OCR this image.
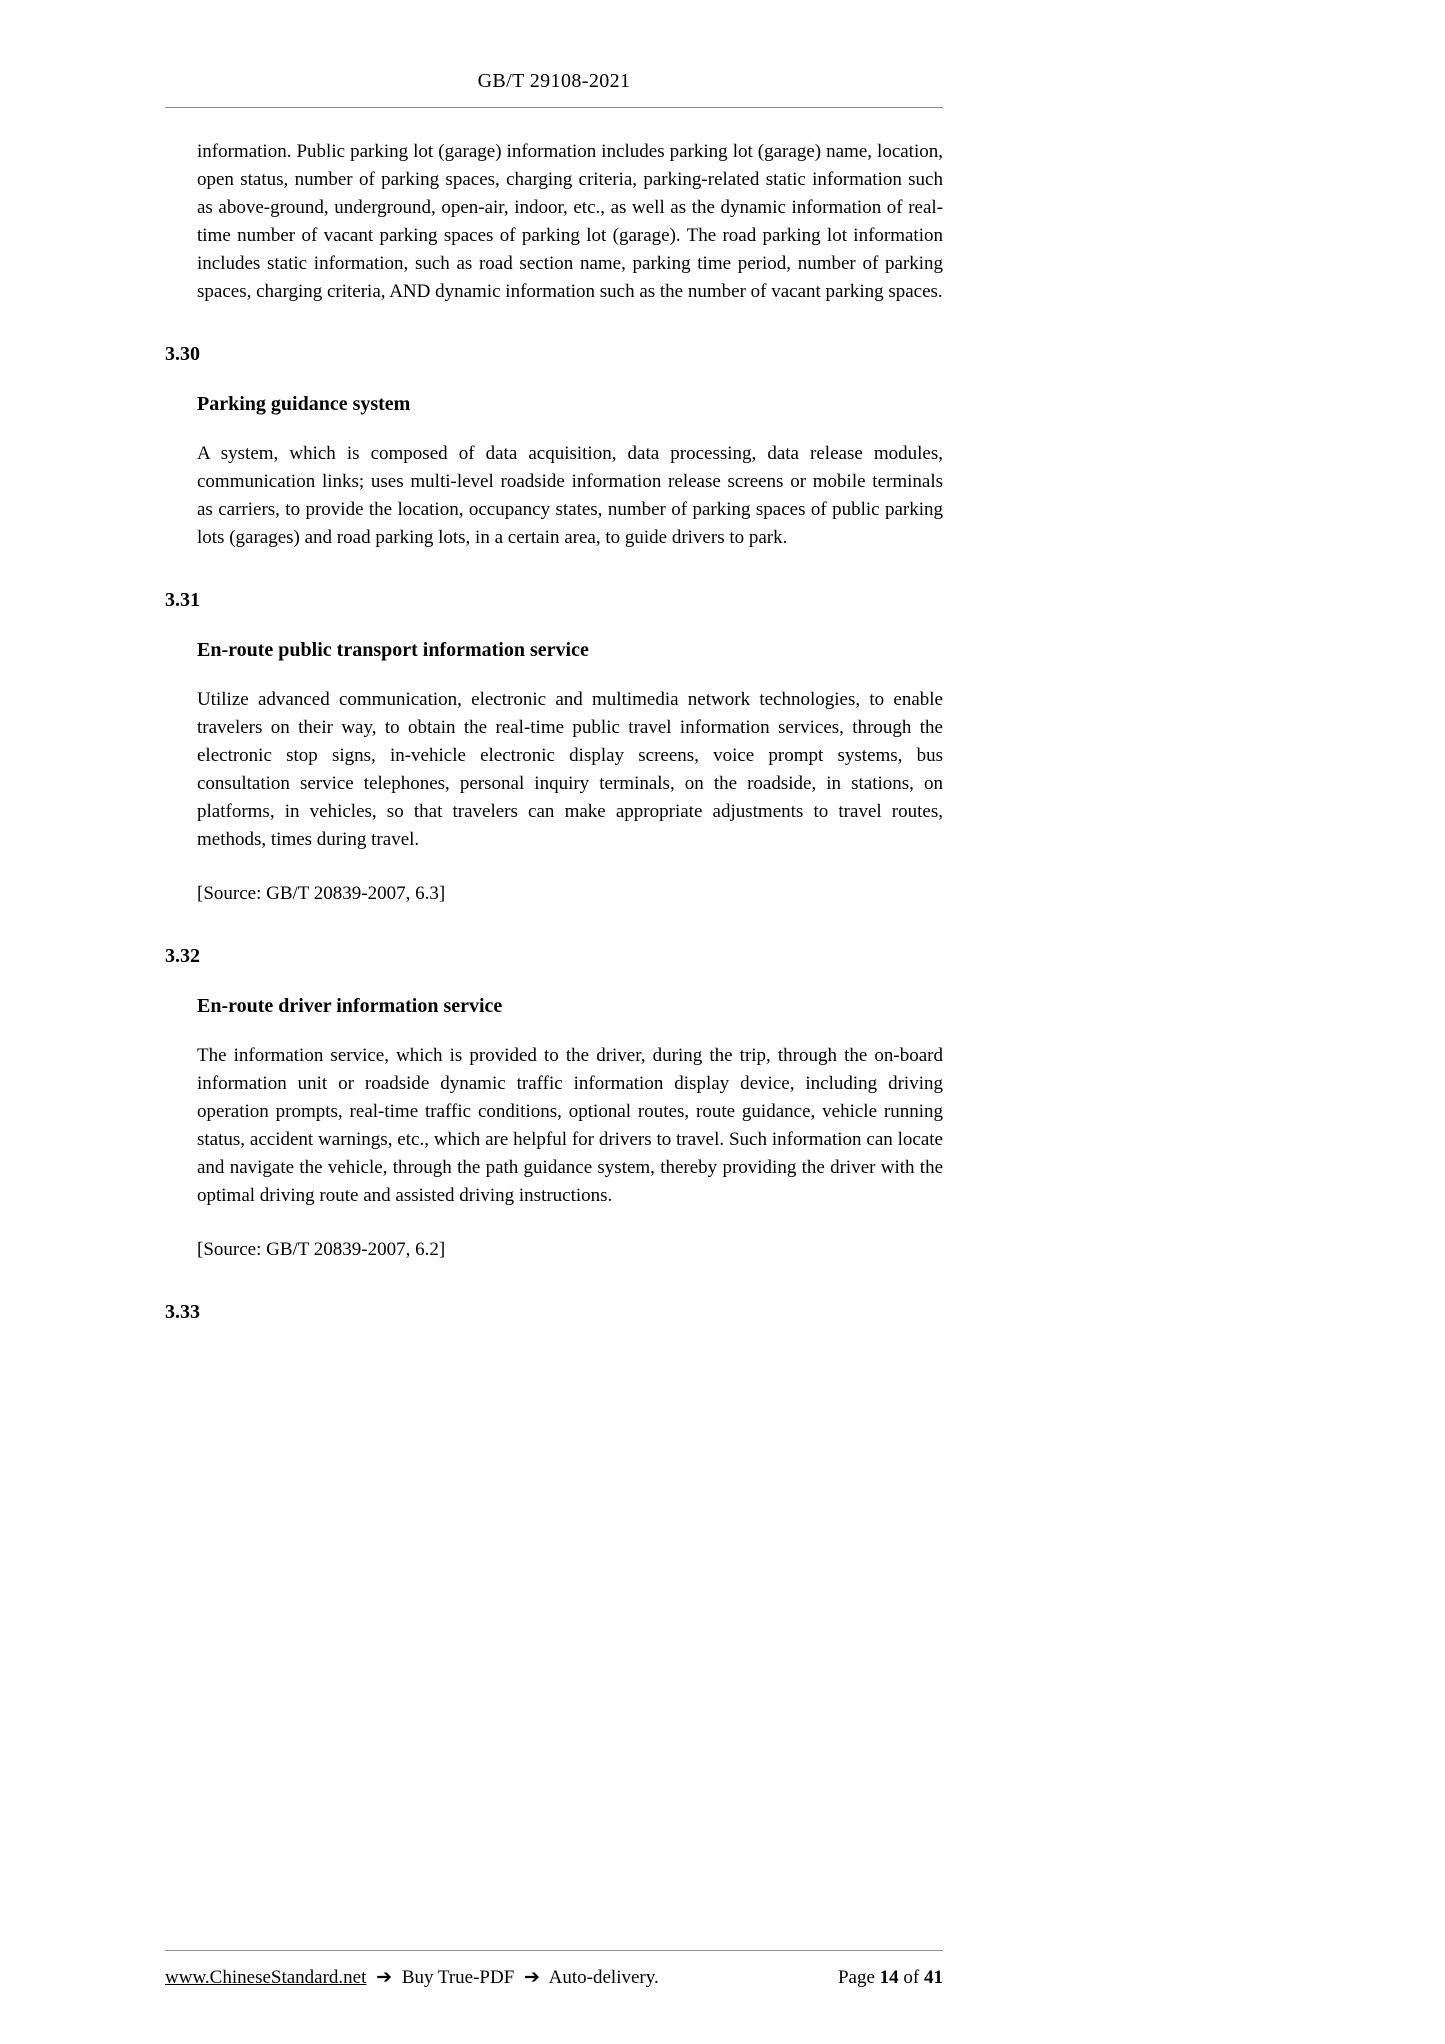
GB/T 29108-2021

information. Public parking lot (garage) information includes parking lot (garage) name, location, open status, number of parking spaces, charging criteria, parking-related static information such as above-ground, underground, open-air, indoor, etc., as well as the dynamic information of real-time number of vacant parking spaces of parking lot (garage). The road parking lot information includes static information, such as road section name, parking time period, number of parking spaces, charging criteria, AND dynamic information such as the number of vacant parking spaces.

3.30
Parking guidance system

A system, which is composed of data acquisition, data processing, data release modules, communication links; uses multi-level roadside information release screens or mobile terminals as carriers, to provide the location, occupancy states, number of parking spaces of public parking lots (garages) and road parking lots, in a certain area, to guide drivers to park.

3.31
En-route public transport information service

Utilize advanced communication, electronic and multimedia network technologies, to enable travelers on their way, to obtain the real-time public travel information services, through the electronic stop signs, in-vehicle electronic display screens, voice prompt systems, bus consultation service telephones, personal inquiry terminals, on the roadside, in stations, on platforms, in vehicles, so that travelers can make appropriate adjustments to travel routes, methods, times during travel.

[Source: GB/T 20839-2007, 6.3]

3.32
En-route driver information service

The information service, which is provided to the driver, during the trip, through the on-board information unit or roadside dynamic traffic information display device, including driving operation prompts, real-time traffic conditions, optional routes, route guidance, vehicle running status, accident warnings, etc., which are helpful for drivers to travel. Such information can locate and navigate the vehicle, through the path guidance system, thereby providing the driver with the optimal driving route and assisted driving instructions.

[Source: GB/T 20839-2007, 6.2]

3.33
www.ChineseStandard.net ➔ Buy True-PDF ➔ Auto-delivery.	Page 14 of 41
